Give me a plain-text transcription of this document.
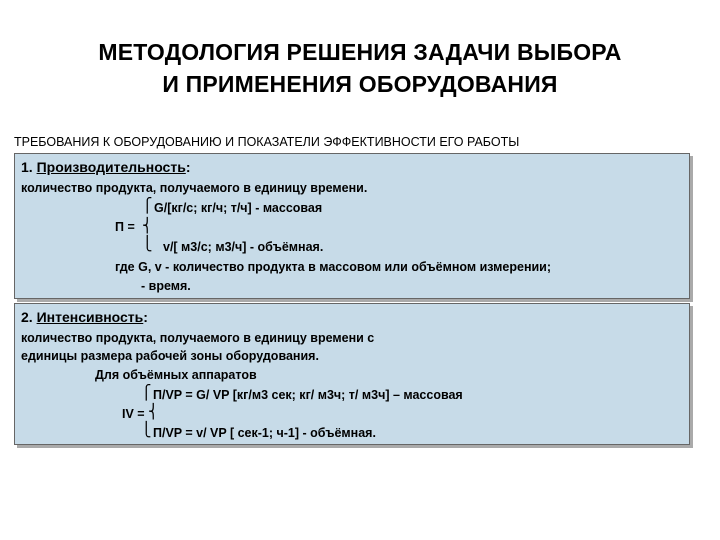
МЕТОДОЛОГИЯ РЕШЕНИЯ ЗАДАЧИ ВЫБОРА
И ПРИМЕНЕНИЯ ОБОРУДОВАНИЯ
ТРЕБОВАНИЯ К ОБОРУДОВАНИЮ И ПОКАЗАТЕЛИ ЭФФЕКТИВНОСТИ ЕГО РАБОТЫ
1. Производительность:
количество продукта, получаемого в единицу времени.
⎧ G/[кг/с; кг/ч; т/ч] - массовая
П = ⎨
⎩ v/[ м3/с; м3/ч] - объёмная.
где G, v - количество продукта в массовом или объёмном измерении;
- время.
2. Интенсивность:
количество продукта, получаемого в единицу времени с
единицы размера рабочей зоны оборудования.
Для объёмных аппаратов
⎧ П/VP = G/ VP [кг/м3 сек; кг/ м3ч; т/ м3ч] – массовая
IV = ⎨
⎩ П/VP = v/ VP [ сек-1; ч-1] - объёмная.
